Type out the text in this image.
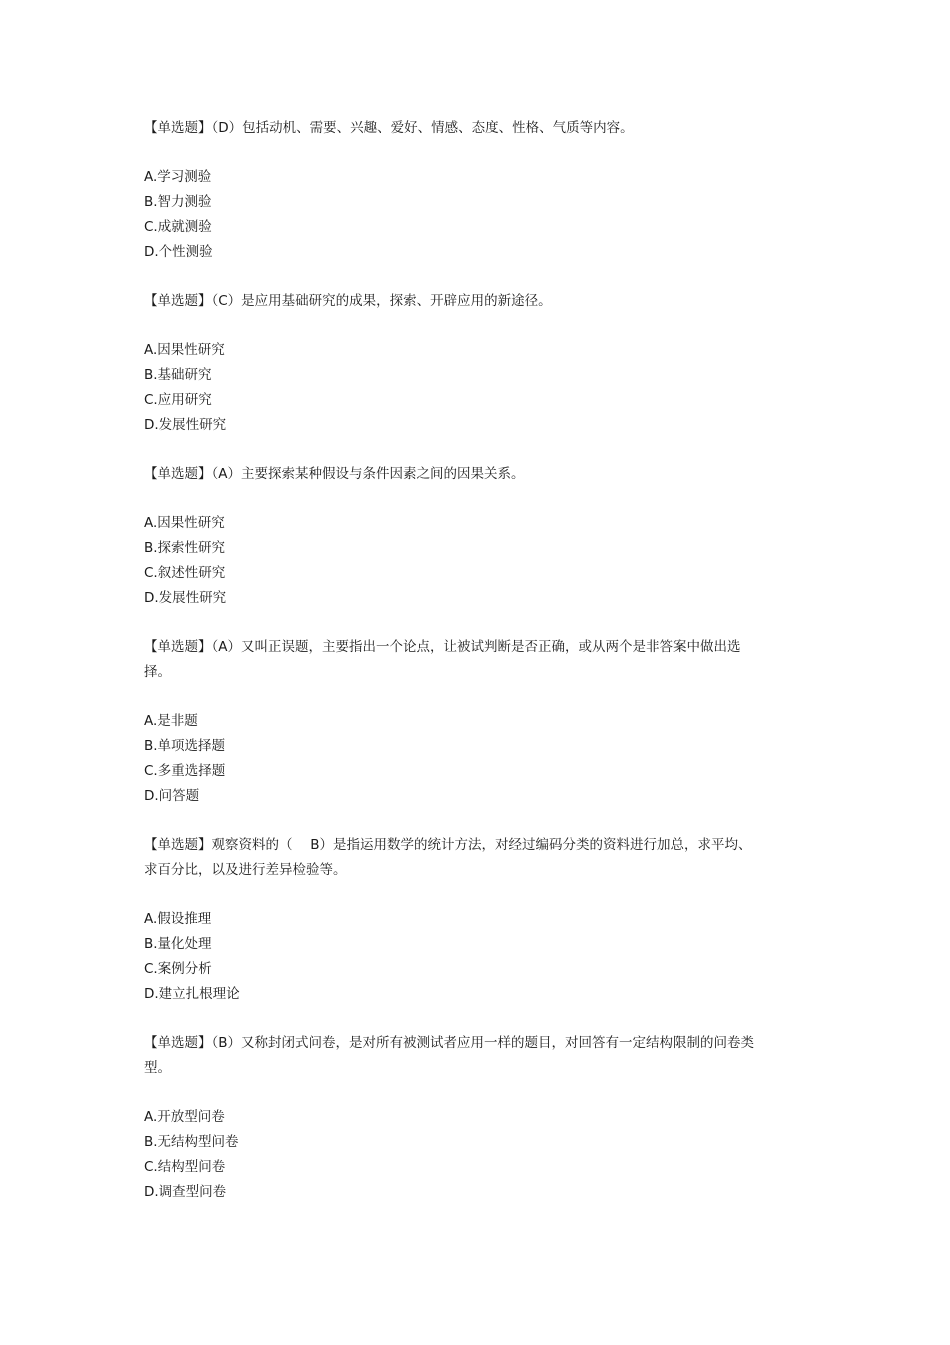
【单选题】（D）包括动机、需要、兴趣、爱好、情感、态度、性格、气质等内容。

A.学习测验
B.智力测验
C.成就测验
D.个性测验

【单选题】（C）是应用基础研究的成果，探索、开辟应用的新途径。

A.因果性研究
B.基础研究
C.应用研究
D.发展性研究

【单选题】（A）主要探索某种假设与条件因素之间的因果关系。

A.因果性研究
B.探索性研究
C.叙述性研究
D.发展性研究

【单选题】（A）又叫正误题，主要指出一个论点，让被试判断是否正确，或从两个是非答案中做出选择。

A.是非题
B.单项选择题
C.多重选择题
D.问答题

【单选题】观察资料的（　 B）是指运用数学的统计方法，对经过编码分类的资料进行加总，求平均、求百分比，以及进行差异检验等。

A.假设推理
B.量化处理
C.案例分析
D.建立扎根理论

【单选题】（B）又称封闭式问卷，是对所有被测试者应用一样的题目，对回答有一定结构限制的问卷类型。

A.开放型问卷
B.无结构型问卷
C.结构型问卷
D.调查型问卷
